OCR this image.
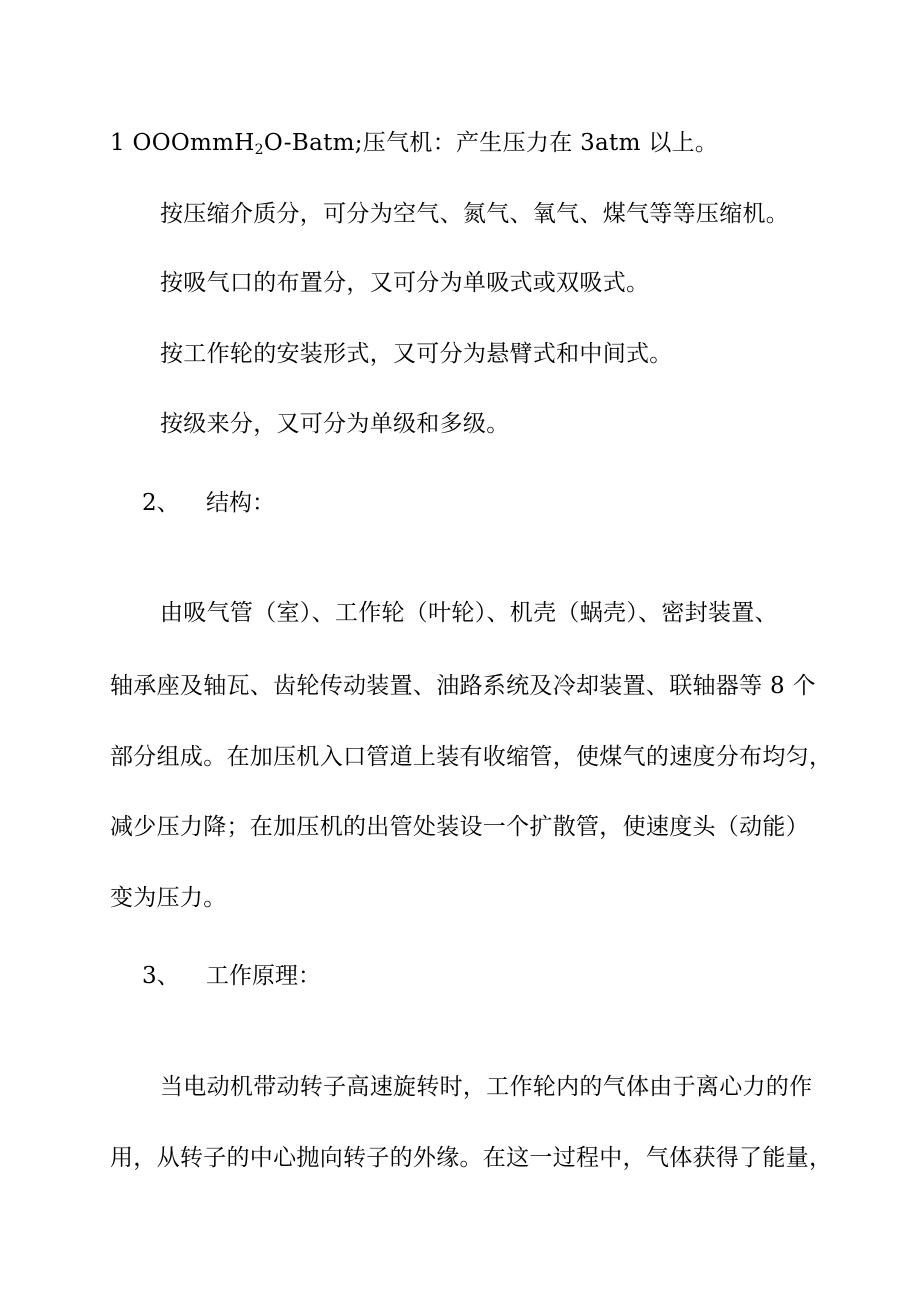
1 OOOmmH$_2$O-Batm;压气机：产生压力在 3atm 以上。
按压缩介质分，可分为空气、氮气、氧气、煤气等等压缩机。
按吸气口的布置分，又可分为单吸式或双吸式。
按工作轮的安装形式，又可分为悬臂式和中间式。
按级来分，又可分为单级和多级。
2、 结构：
由吸气管（室）、工作轮（叶轮）、机壳（蜗壳）、密封装置、
轴承座及轴瓦、齿轮传动装置、油路系统及冷却装置、联轴器等 8 个
部分组成。在加压机入口管道上装有收缩管，使煤气的速度分布均匀，
减少压力降；在加压机的出管处装设一个扩散管，使速度头（动能）
变为压力。
3、 工作原理：
当电动机带动转子高速旋转时，工作轮内的气体由于离心力的作
用，从转子的中心抛向转子的外缘。在这一过程中，气体获得了能量，
